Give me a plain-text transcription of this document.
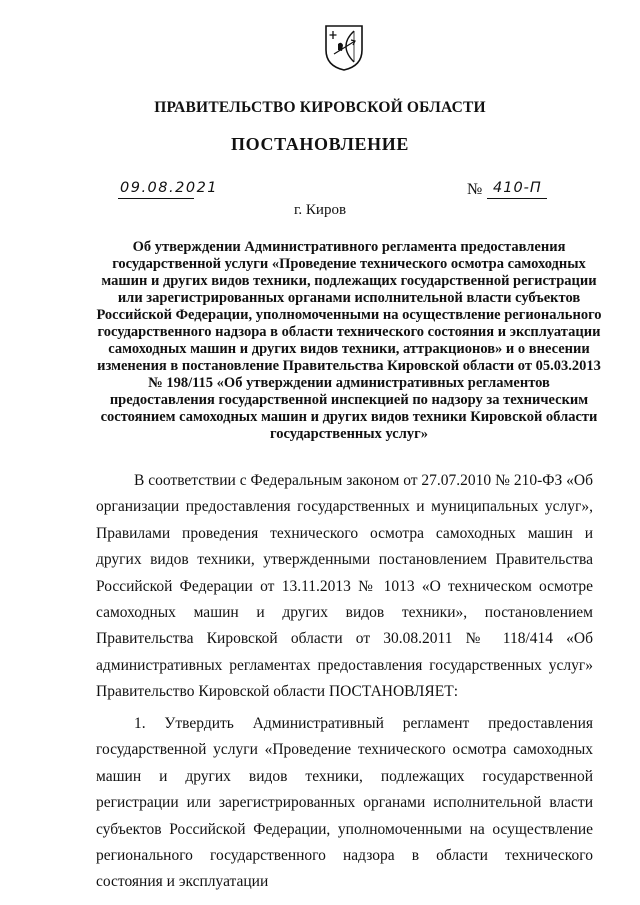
ПРАВИТЕЛЬСТВО КИРОВСКОЙ ОБЛАСТИ
ПОСТАНОВЛЕНИЕ
09.08.2021	№ 410-П
г. Киров

Об утверждении Административного регламента предоставления государственной услуги «Проведение технического осмотра самоходных машин и других видов техники, подлежащих государственной регистрации или зарегистрированных органами исполнительной власти субъектов Российской Федерации, уполномоченными на осуществление регионального государственного надзора в области технического состояния и эксплуатации самоходных машин и других видов техники, аттракционов» и о внесении изменения в постановление Правительства Кировской области от 05.03.2013 № 198/115 «Об утверждении административных регламентов предоставления государственной инспекцией по надзору за техническим состоянием самоходных машин и других видов техники Кировской области государственных услуг»

В соответствии с Федеральным законом от 27.07.2010 № 210-ФЗ «Об организации предоставления государственных и муниципальных услуг», Правилами проведения технического осмотра самоходных машин и других видов техники, утвержденными постановлением Правительства Российской Федерации от 13.11.2013 № 1013 «О техническом осмотре самоходных машин и других видов техники», постановлением Правительства Кировской области от 30.08.2011 № 118/414 «Об административных регламентах предоставления государственных услуг» Правительство Кировской области ПОСТАНОВЛЯЕТ:

1. Утвердить Административный регламент предоставления государственной услуги «Проведение технического осмотра самоходных машин и других видов техники, подлежащих государственной регистрации или зарегистрированных органами исполнительной власти субъектов Российской Федерации, уполномоченными на осуществление регионального государственного надзора в области технического состояния и эксплуатации
